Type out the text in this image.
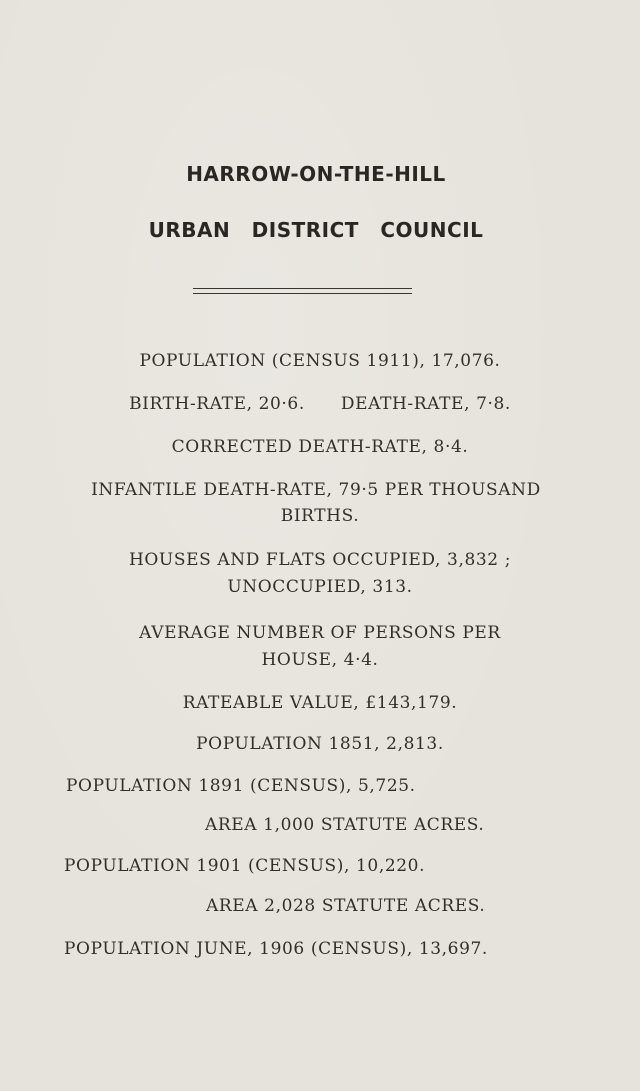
HARROW-ON-THE-HILL
URBAN DISTRICT COUNCIL
POPULATION (CENSUS 1911), 17,076.
BIRTH-RATE, 20·6.      DEATH-RATE, 7·8.
CORRECTED DEATH-RATE, 8·4.
INFANTILE DEATH-RATE, 79·5 PER THOUSAND
BIRTHS.
HOUSES AND FLATS OCCUPIED, 3,832 ;
UNOCCUPIED, 313.
AVERAGE NUMBER OF PERSONS PER
HOUSE, 4·4.
RATEABLE VALUE, £143,179.
POPULATION 1851, 2,813.
POPULATION 1891 (CENSUS), 5,725.
AREA 1,000 STATUTE ACRES.
POPULATION 1901 (CENSUS), 10,220.
AREA 2,028 STATUTE ACRES.
POPULATION JUNE, 1906 (CENSUS), 13,697.
